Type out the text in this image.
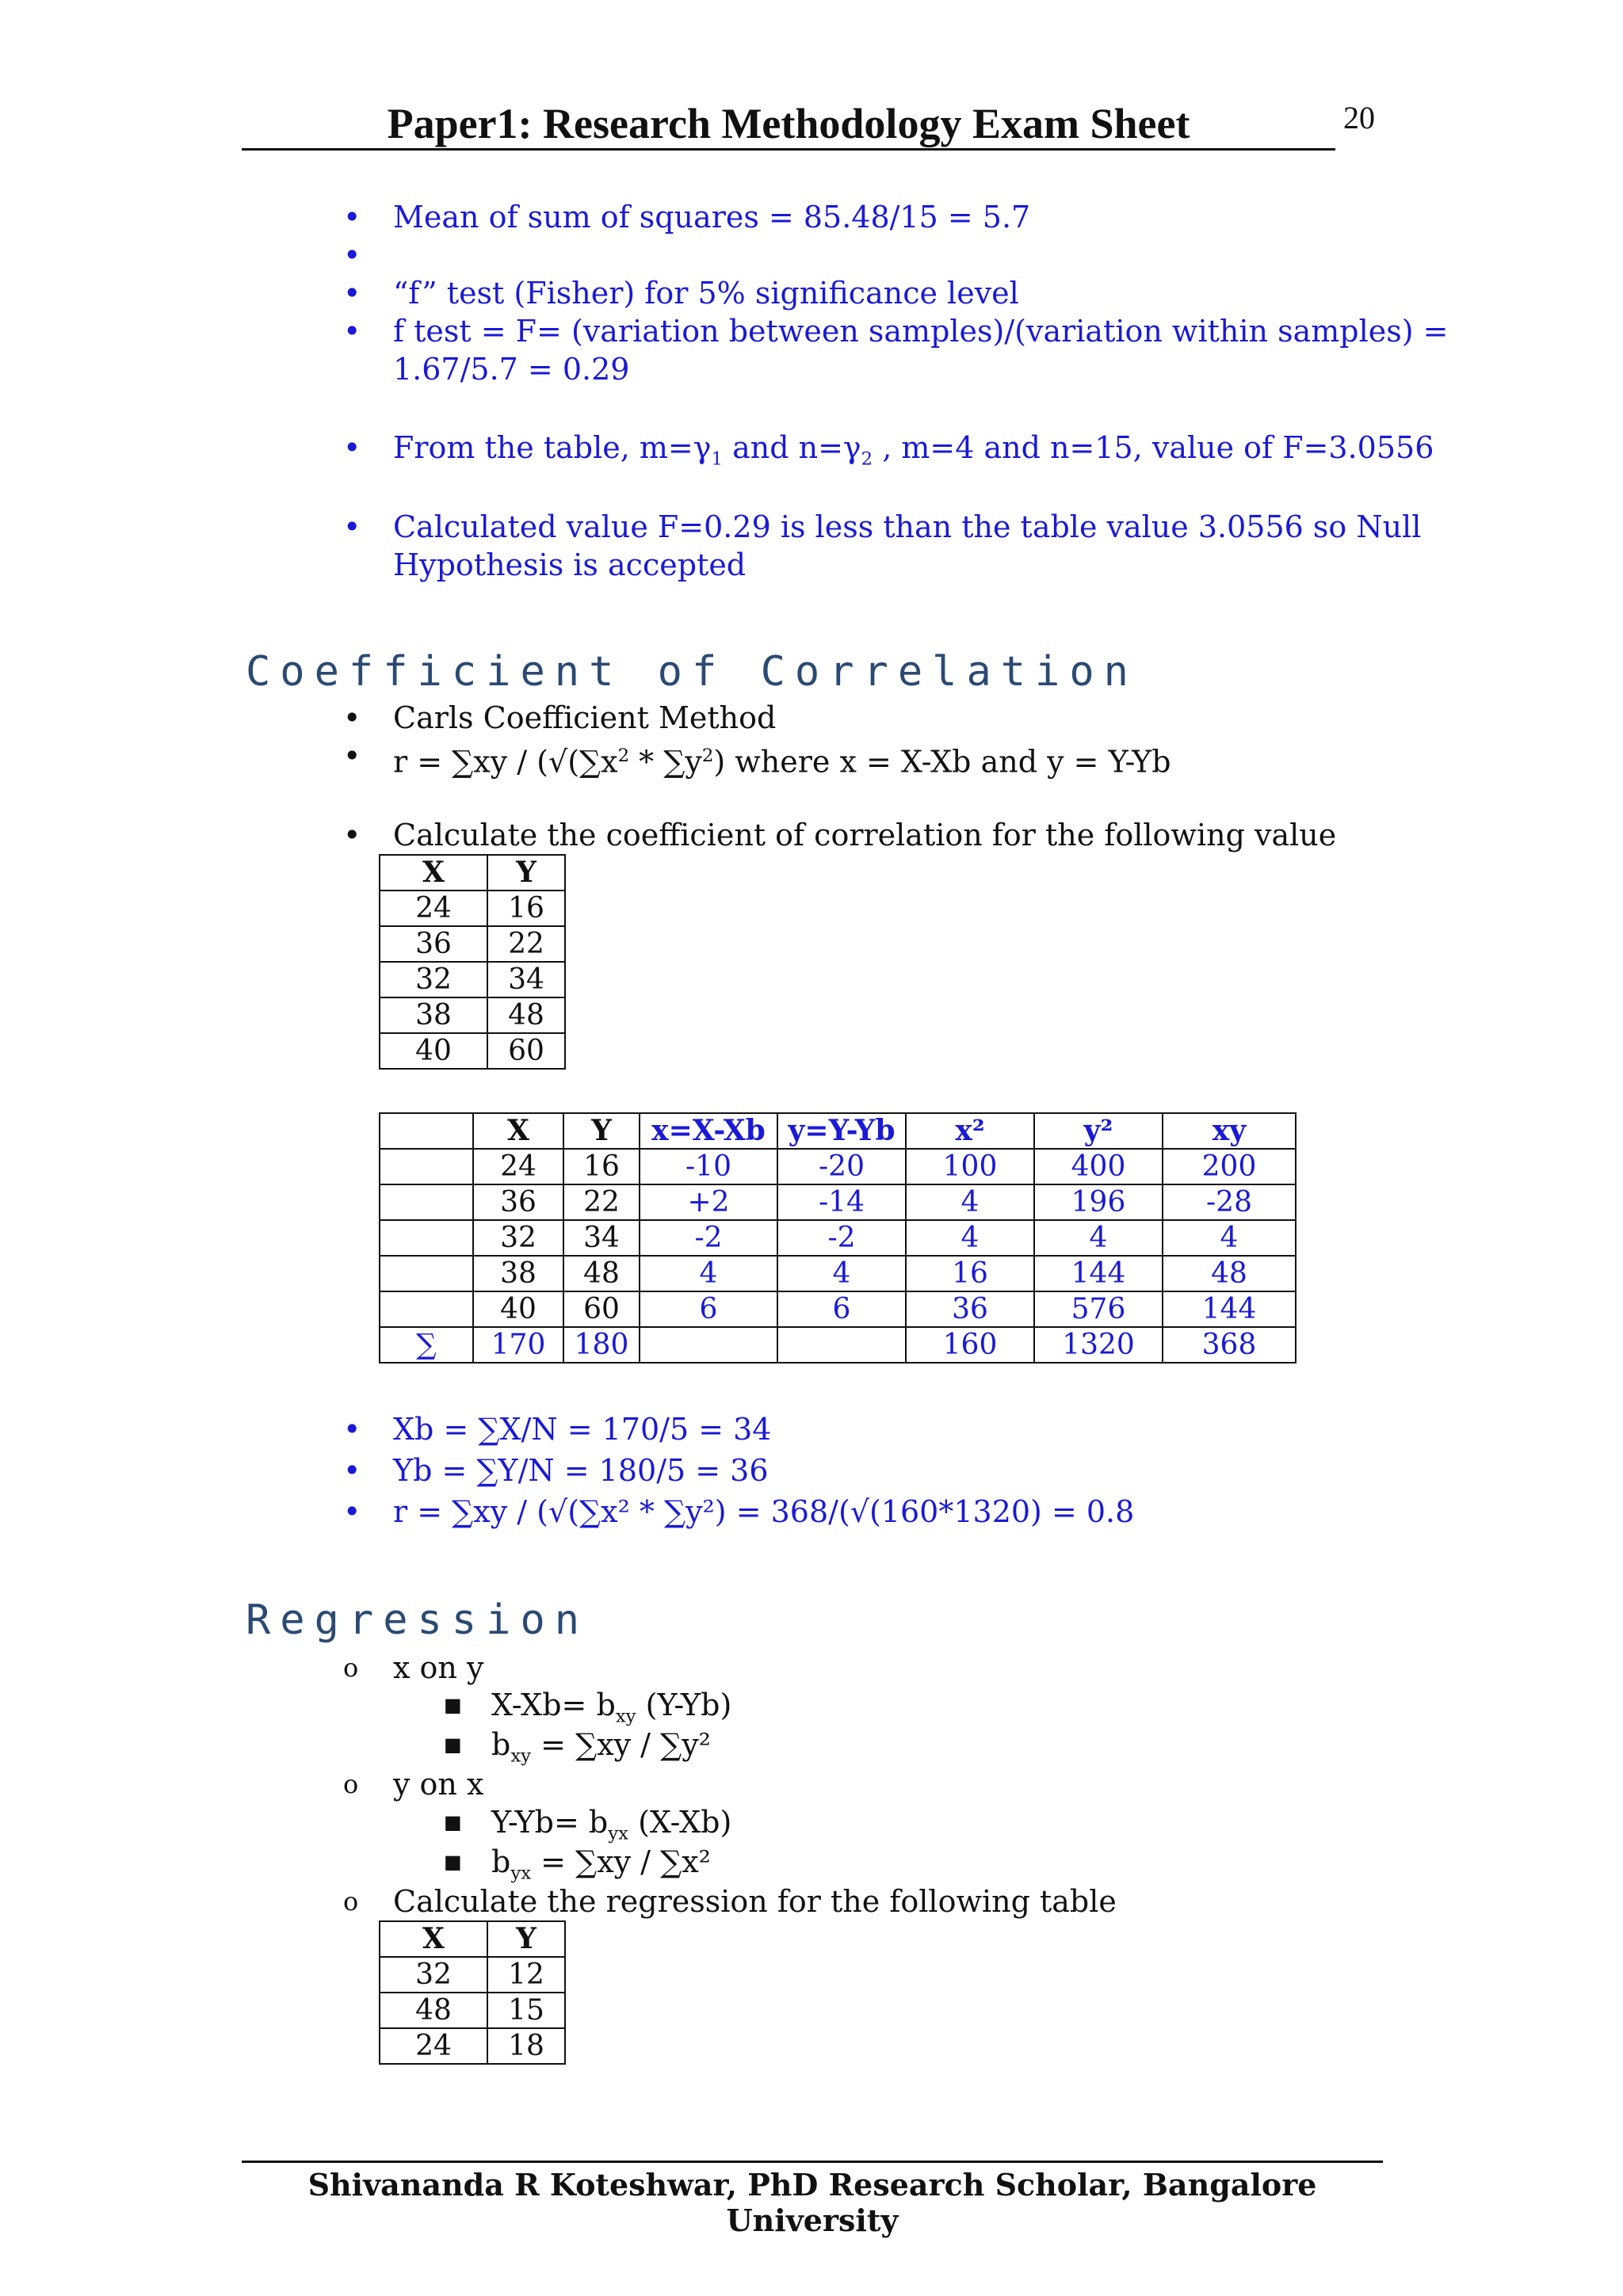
Paper1: Research Methodology Exam Sheet	20
• Mean of sum of squares = 85.48/15 = 5.7
•
• “f” test (Fisher) for 5% significance level
• f test = F= (variation between samples)/(variation within samples) =
1.67/5.7 = 0.29
• From the table, $m=\gamma_1$ and $n=\gamma_2$ , m=4 and n=15, value of F=3.0556
• Calculated value F=0.29 is less than the table value 3.0556 so Null
Hypothesis is accepted
Coefficient of Correlation
• Carls Coefficient Method
• $r = \sum xy / (√(\sum x^2 * \sum y^2)$ where x = X-Xb and y = Y-Yb
• Calculate the coefficient of correlation for the following value
X	Y
24	16
36	22
32	34
38	48
40	60
	X	Y	x=X-Xb	y=Y-Yb	x²	y²	xy
	24	16	-10	-20	100	400	200
	36	22	+2	-14	4	196	-28
	32	34	-2	-2	4	4	4
	38	48	4	4	16	144	48
	40	60	6	6	36	576	144
∑	170	180			160	1320	368
• Xb = ∑X/N = 170/5 = 34
• Yb = ∑Y/N = 180/5 = 36
• r = ∑xy / (√(∑x² * ∑y²) = 368/(√(160*1320) = 0.8
Regression
o x on y
■ $X-Xb= b_{xy}$ (Y-Yb)
■ $b_{xy} = \sum xy / \sum y^2$
o y on x
■ $Y-Yb= b_{yx}$ (X-Xb)
■ $b_{yx} = \sum xy / \sum x^2$
o Calculate the regression for the following table
X	Y
32	12
48	15
24	18
Shivananda R Koteshwar, PhD Research Scholar, Bangalore University
